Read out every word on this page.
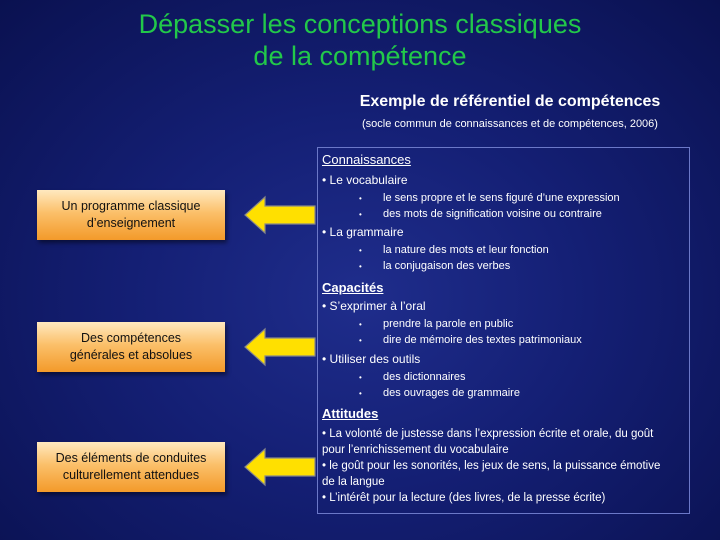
Dépasser les conceptions classiques
de la compétence
Exemple de référentiel de compétences
(socle commun de connaissances et de compétences, 2006)
Un programme classique
d’enseignement
Des compétences
générales et absolues
Des éléments de conduites
culturellement attendues
Connaissances
• Le vocabulaire
• le sens propre et le sens figuré d’une expression
• des mots de signification voisine ou contraire
• La grammaire
• la nature des mots et leur fonction
• la conjugaison des verbes
Capacités
• S’exprimer à l’oral
• prendre la parole en public
• dire de mémoire des textes patrimoniaux
• Utiliser des outils
• des dictionnaires
• des ouvrages de grammaire
Attitudes
• La volonté de justesse dans l’expression écrite et orale, du goût
pour l’enrichissement du vocabulaire
• le goût pour les sonorités, les jeux de sens, la puissance émotive
de la langue
• L’intérêt pour la lecture (des livres, de la presse écrite)
